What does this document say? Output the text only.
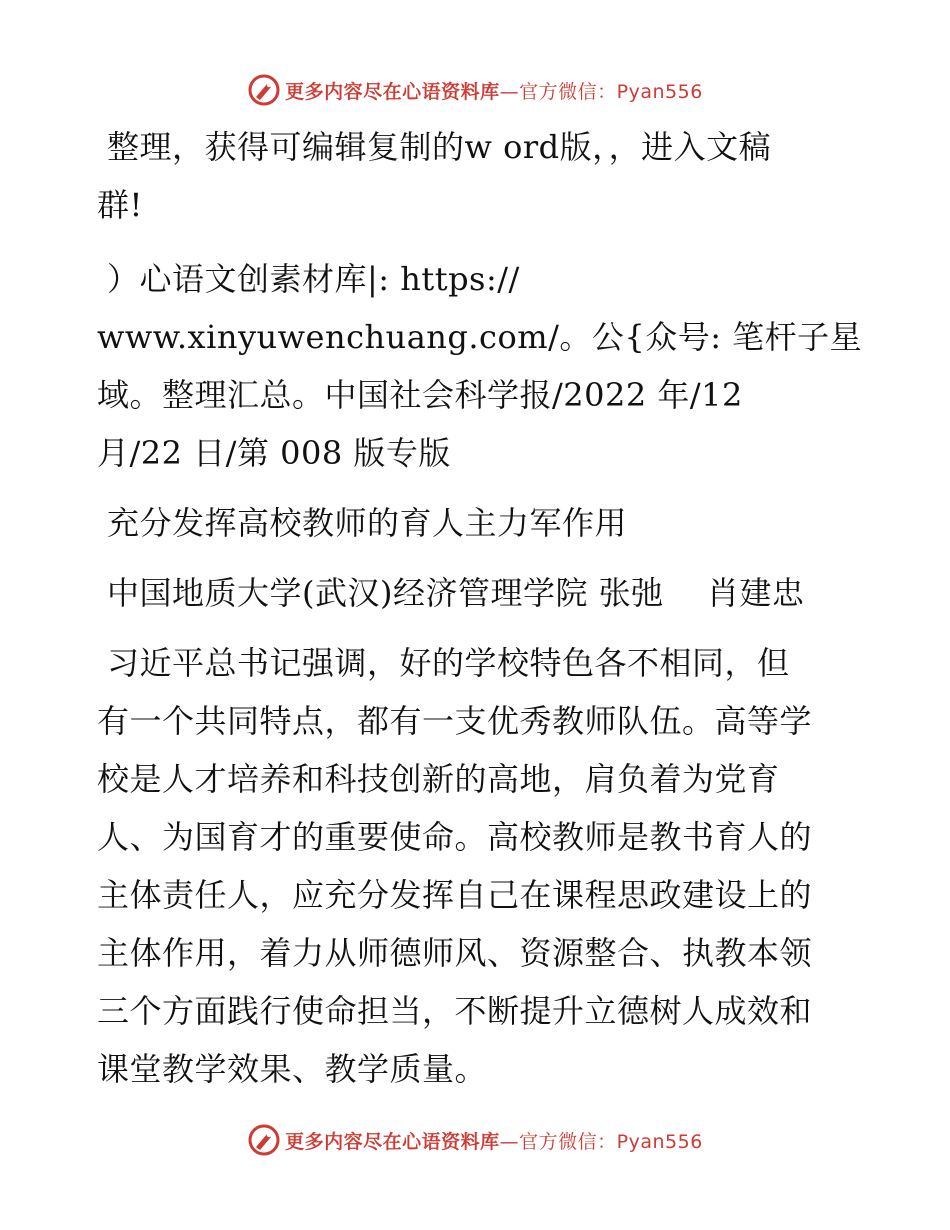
更多内容尽在心语资料库—官方微信：Pyan556
整理，获得可编辑复制的w ord版，，进入文稿
群!
）心语文创素材库|: https://
www.xinyuwenchuang.com/。公{众号: 笔杆子星
域。整理汇总。中国社会科学报/2022 年/12
月/22 日/第 008 版专版
充分发挥高校教师的育人主力军作用
中国地质大学(武汉)经济管理学院 张弛　 肖建忠
习近平总书记强调，好的学校特色各不相同，但
有一个共同特点，都有一支优秀教师队伍。高等学
校是人才培养和科技创新的高地，肩负着为党育
人、为国育才的重要使命。高校教师是教书育人的
主体责任人，应充分发挥自己在课程思政建设上的
主体作用，着力从师德师风、资源整合、执教本领
三个方面践行使命担当，不断提升立德树人成效和
课堂教学效果、教学质量。
更多内容尽在心语资料库—官方微信：Pyan556
